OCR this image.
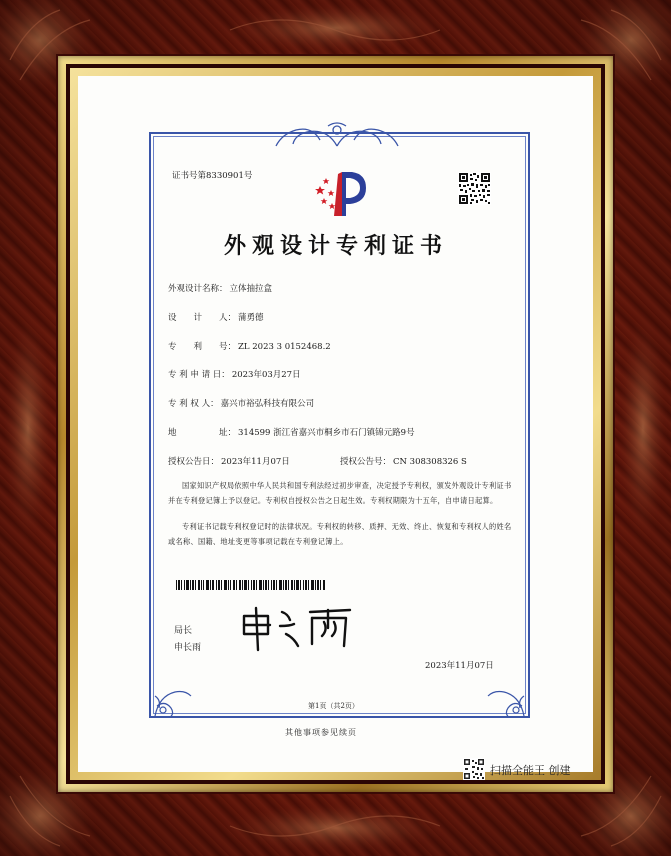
证书号第8330901号
外观设计专利证书
外观设计名称： 立体抽拉盒
设　　计　　人： 蒲勇德
专　　利　　号： ZL 2023 3 0152468.2
专 利 申 请 日： 2023年03月27日
专 利 权 人： 嘉兴市裕弘科技有限公司
地　　　　　址： 314599 浙江省嘉兴市桐乡市石门镇锦元路9号
授权公告日： 2023年11月07日	授权公告号： CN 308308326 S
国家知识产权局依照中华人民共和国专利法经过初步审查，决定授予专利权，颁发外观设计专利证书并在专利登记簿上予以登记。专利权自授权公告之日起生效。专利权期限为十五年，自申请日起算。
专利证书记载专利权登记时的法律状况。专利权的转移、质押、无效、终止、恢复和专利权人的姓名或名称、国籍、地址变更等事项记载在专利登记簿上。
局长
申长雨
2023年11月07日
第1页（共2页）
其他事项参见续页
扫描全能王 创建
